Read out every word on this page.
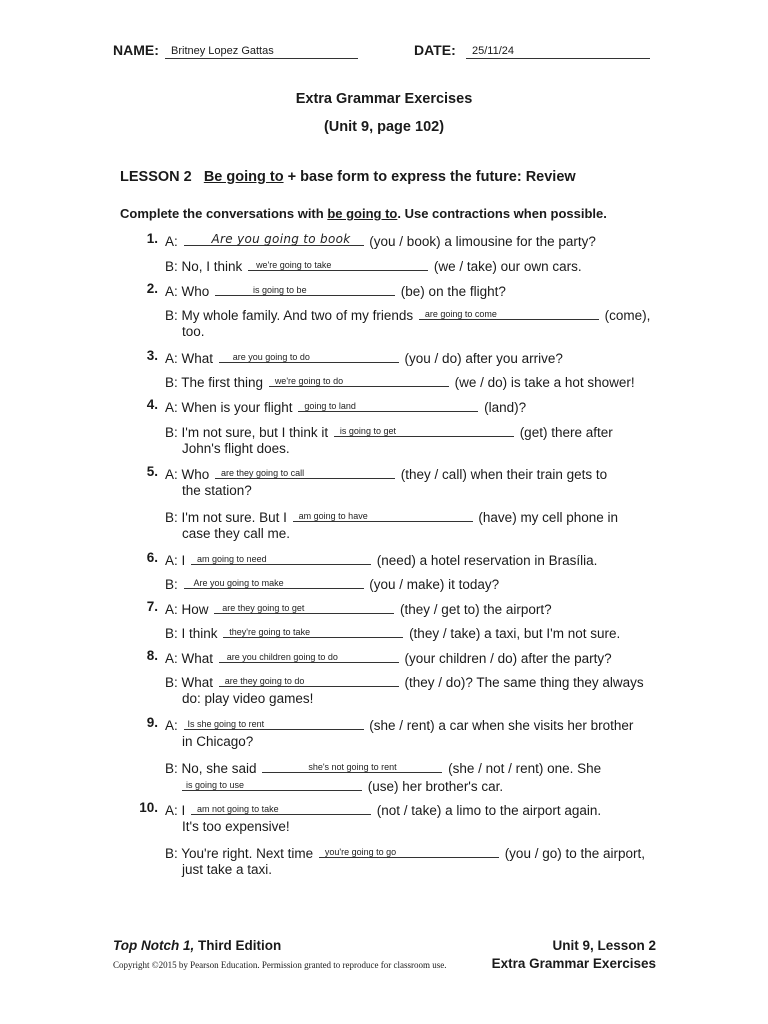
NAME:	Britney Lopez Gattas	DATE:	25/11/24
Extra Grammar Exercises
(Unit 9, page 102)
LESSON 2 Be going to + base form to express the future: Review
Complete the conversations with be going to. Use contractions when possible.
1. A:	Are you going to book (you / book) a limousine for the party?
B: No, I think we're going to take	(we / take) our own cars.
2. A: Who	is going to be	(be) on the flight?
B: My whole family. And two of my friends are going to come	(come),
too.
3. A: What are you going to do	(you / do) after you arrive?
B: The first thing we're going to do	(we / do) is take a hot shower!
4. A: When is your flight going to land	(land)?
B: I'm not sure, but I think it is going to get	(get) there after
John's flight does.
5. A: Who are they going to call	(they / call) when their train gets to
the station?
B: I'm not sure. But I am going to have	(have) my cell phone in
case they call me.
6. A: I am going to need	(need) a hotel reservation in Brasília.
B: Are you going to make	(you / make) it today?
7. A: How are they going to get	(they / get to) the airport?
B: I think they're going to take	(they / take) a taxi, but I'm not sure.
8. A: What are you children going to do	(your children / do) after the party?
B: What are they going to do	(they / do)? The same thing they always
do: play video games!
9. A: Is she going to rent	(she / rent) a car when she visits her brother
in Chicago?
B: No, she said	she's not going to rent	(she / not / rent) one. She
is going to use	(use) her brother's car.
10. A: I am not going to take	(not / take) a limo to the airport again.
It's too expensive!
B: You're right. Next time you're going to go	(you / go) to the airport,
just take a taxi.
Top Notch 1, Third Edition
Copyright ©2015 by Pearson Education. Permission granted to reproduce for classroom use.
Unit 9, Lesson 2
Extra Grammar Exercises
